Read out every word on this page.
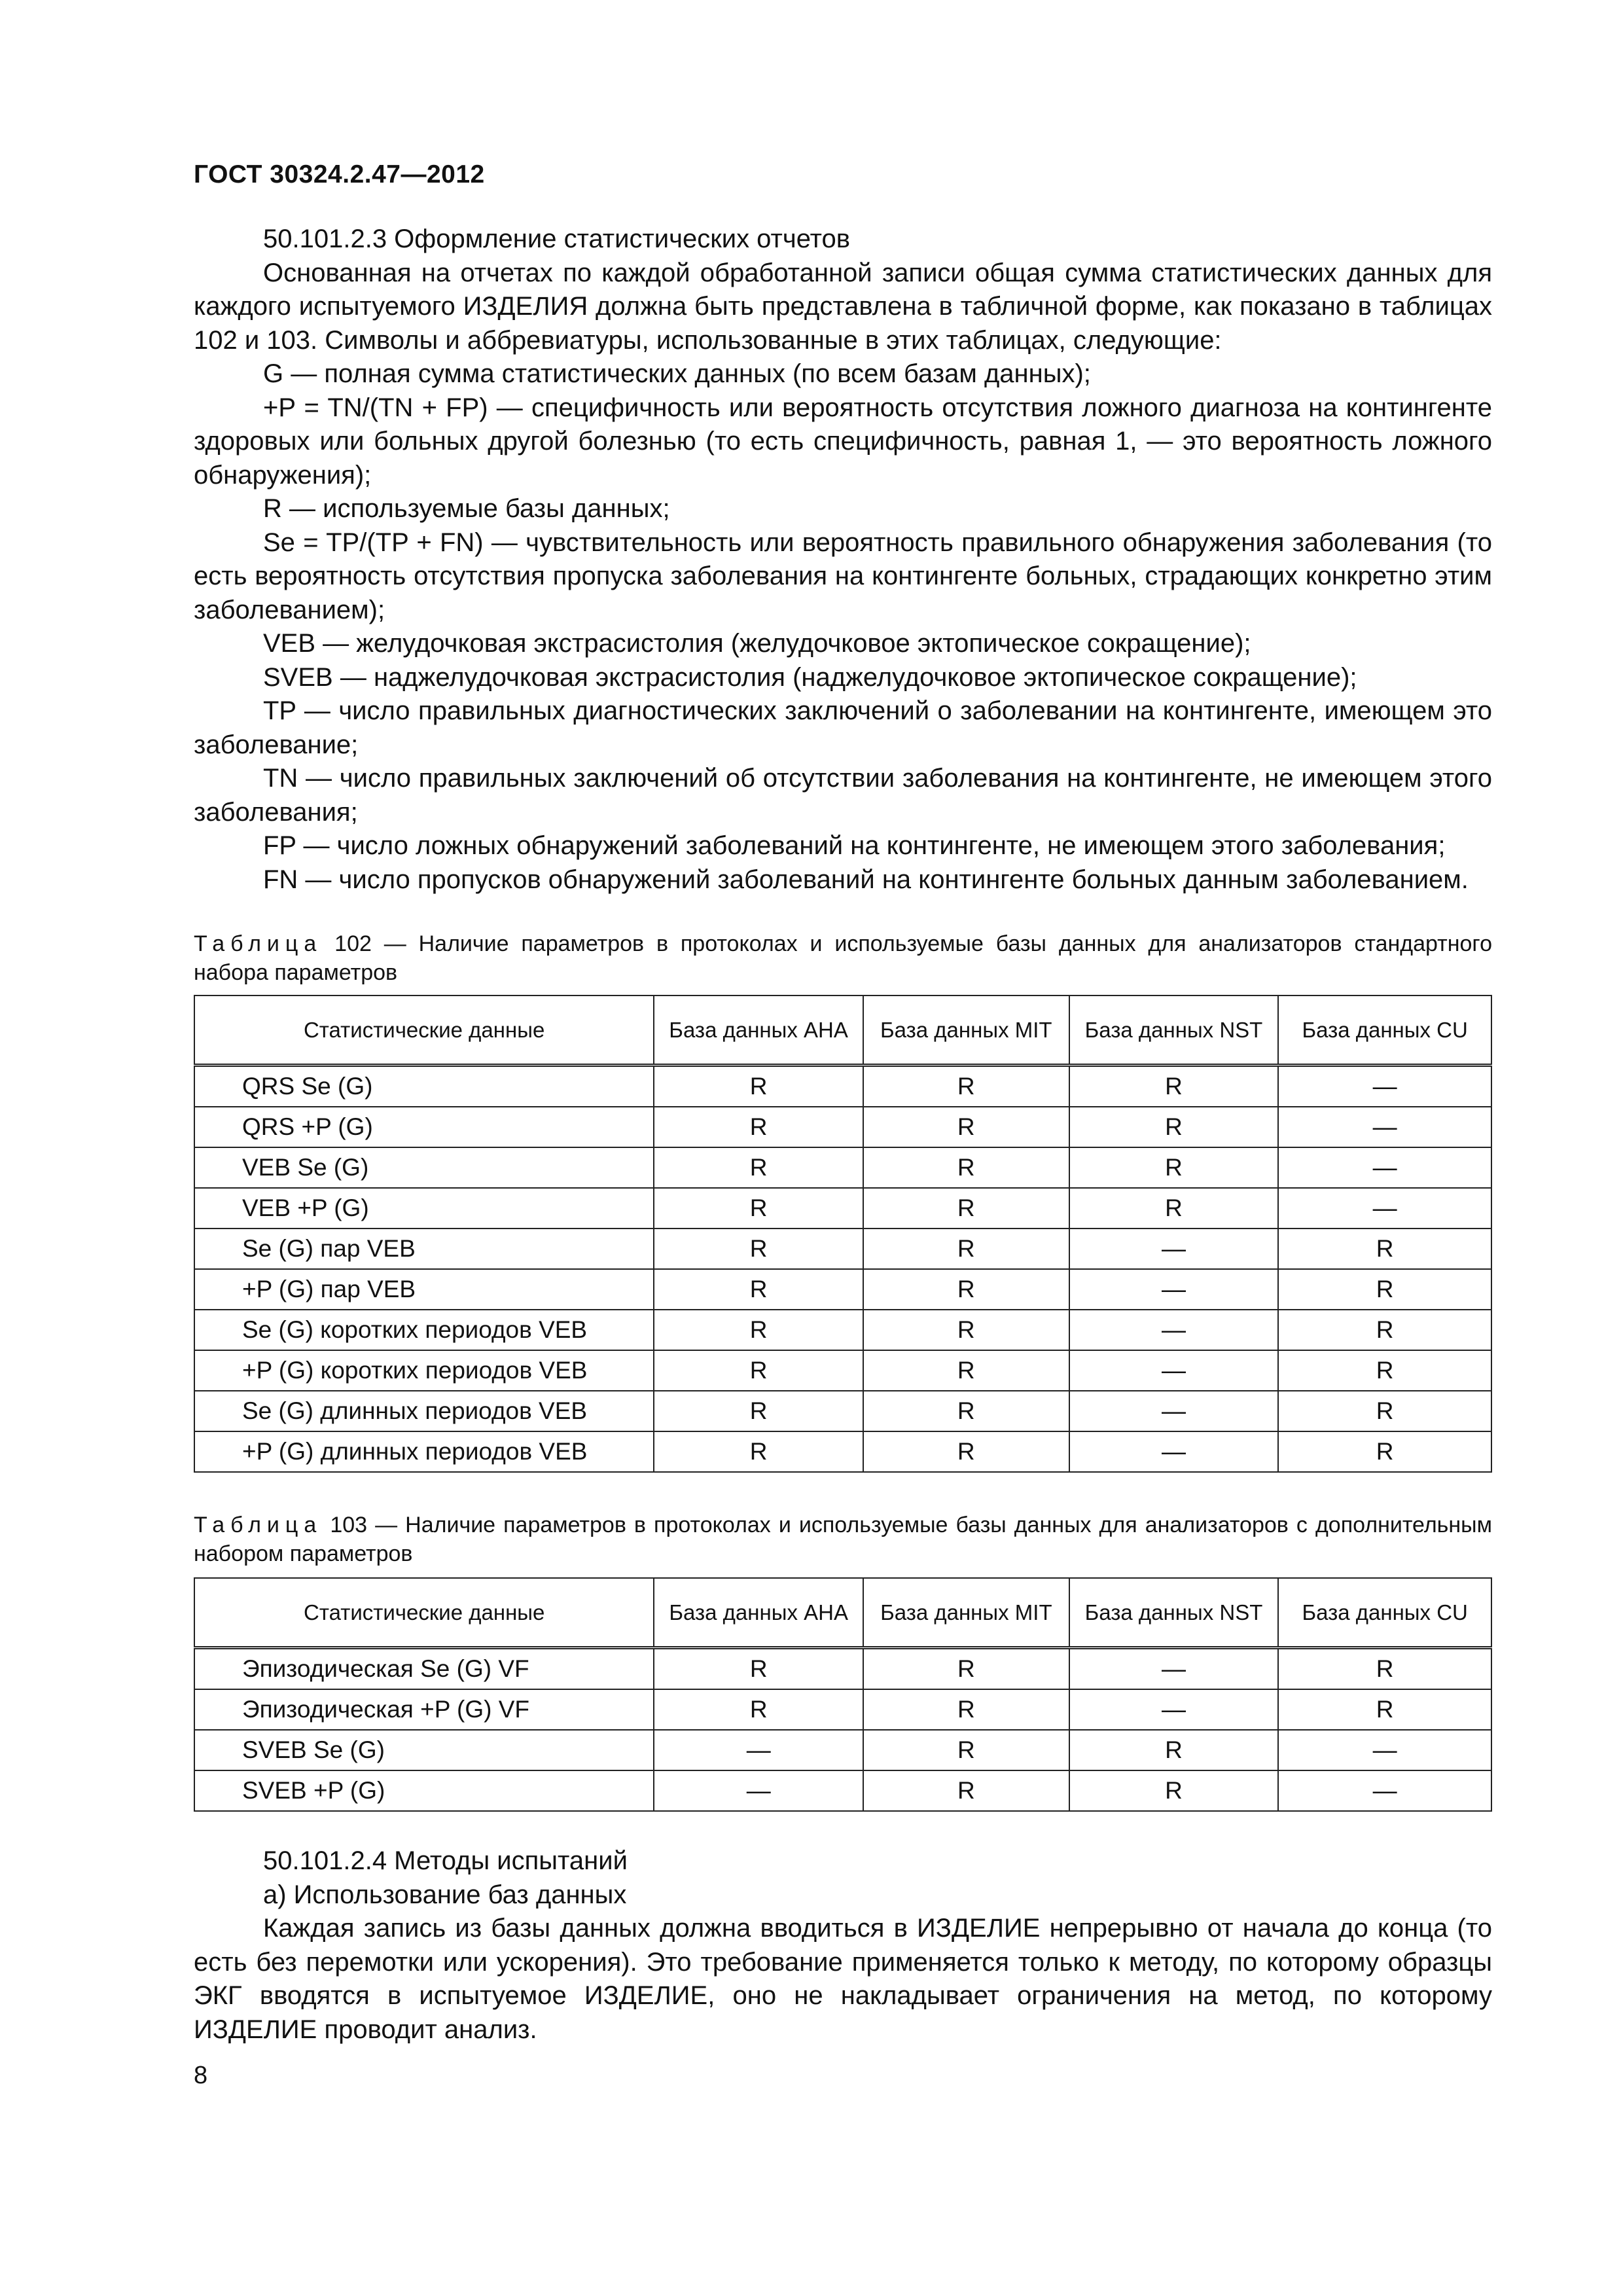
ГОСТ 30324.2.47—2012

50.101.2.3 Оформление статистических отчетов

Основанная на отчетах по каждой обработанной записи общая сумма статистических данных для каждого испытуемого ИЗДЕЛИЯ должна быть представлена в табличной форме, как показано в таблицах 102 и 103. Символы и аббревиатуры, использованные в этих таблицах, следующие:

G — полная сумма статистических данных (по всем базам данных);

+P = TN/(TN + FP) — специфичность или вероятность отсутствия ложного диагноза на контингенте здоровых или больных другой болезнью (то есть специфичность, равная 1, — это вероятность ложного обнаружения);

R — используемые базы данных;

Se = TP/(TP + FN) — чувствительность или вероятность правильного обнаружения заболевания (то есть вероятность отсутствия пропуска заболевания на контингенте больных, страдающих конкретно этим заболеванием);

VEB — желудочковая экстрасистолия (желудочковое эктопическое сокращение);

SVEB — наджелудочковая экстрасистолия (наджелудочковое эктопическое сокращение);

TP — число правильных диагностических заключений о заболевании на контингенте, имеющем это заболевание;

TN — число правильных заключений об отсутствии заболевания на контингенте, не имеющем этого заболевания;

FP — число ложных обнаружений заболеваний на контингенте, не имеющем этого заболевания;

FN — число пропусков обнаружений заболеваний на контингенте больных данным заболеванием.

Таблица 102 — Наличие параметров в протоколах и используемые базы данных для анализаторов стандартного набора параметров

Статистические данные	База данных AHA	База данных MIT	База данных NST	База данных CU
QRS Se (G)	R	R	R	—
QRS +P (G)	R	R	R	—
VEB Se (G)	R	R	R	—
VEB +P (G)	R	R	R	—
Se (G) пар VEB	R	R	—	R
+P (G) пар VEB	R	R	—	R
Se (G) коротких периодов VEB	R	R	—	R
+P (G) коротких периодов VEB	R	R	—	R
Se (G) длинных периодов VEB	R	R	—	R
+P (G) длинных периодов VEB	R	R	—	R

Таблица 103 — Наличие параметров в протоколах и используемые базы данных для анализаторов с дополнительным набором параметров

Статистические данные	База данных AHA	База данных MIT	База данных NST	База данных CU
Эпизодическая Se (G) VF	R	R	—	R
Эпизодическая +P (G) VF	R	R	—	R
SVEB Se (G)	—	R	R	—
SVEB +P (G)	—	R	R	—

50.101.2.4 Методы испытаний

a) Использование баз данных

Каждая запись из базы данных должна вводиться в ИЗДЕЛИЕ непрерывно от начала до конца (то есть без перемотки или ускорения). Это требование применяется только к методу, по которому образцы ЭКГ вводятся в испытуемое ИЗДЕЛИЕ, оно не накладывает ограничения на метод, по которому ИЗДЕЛИЕ проводит анализ.

8
